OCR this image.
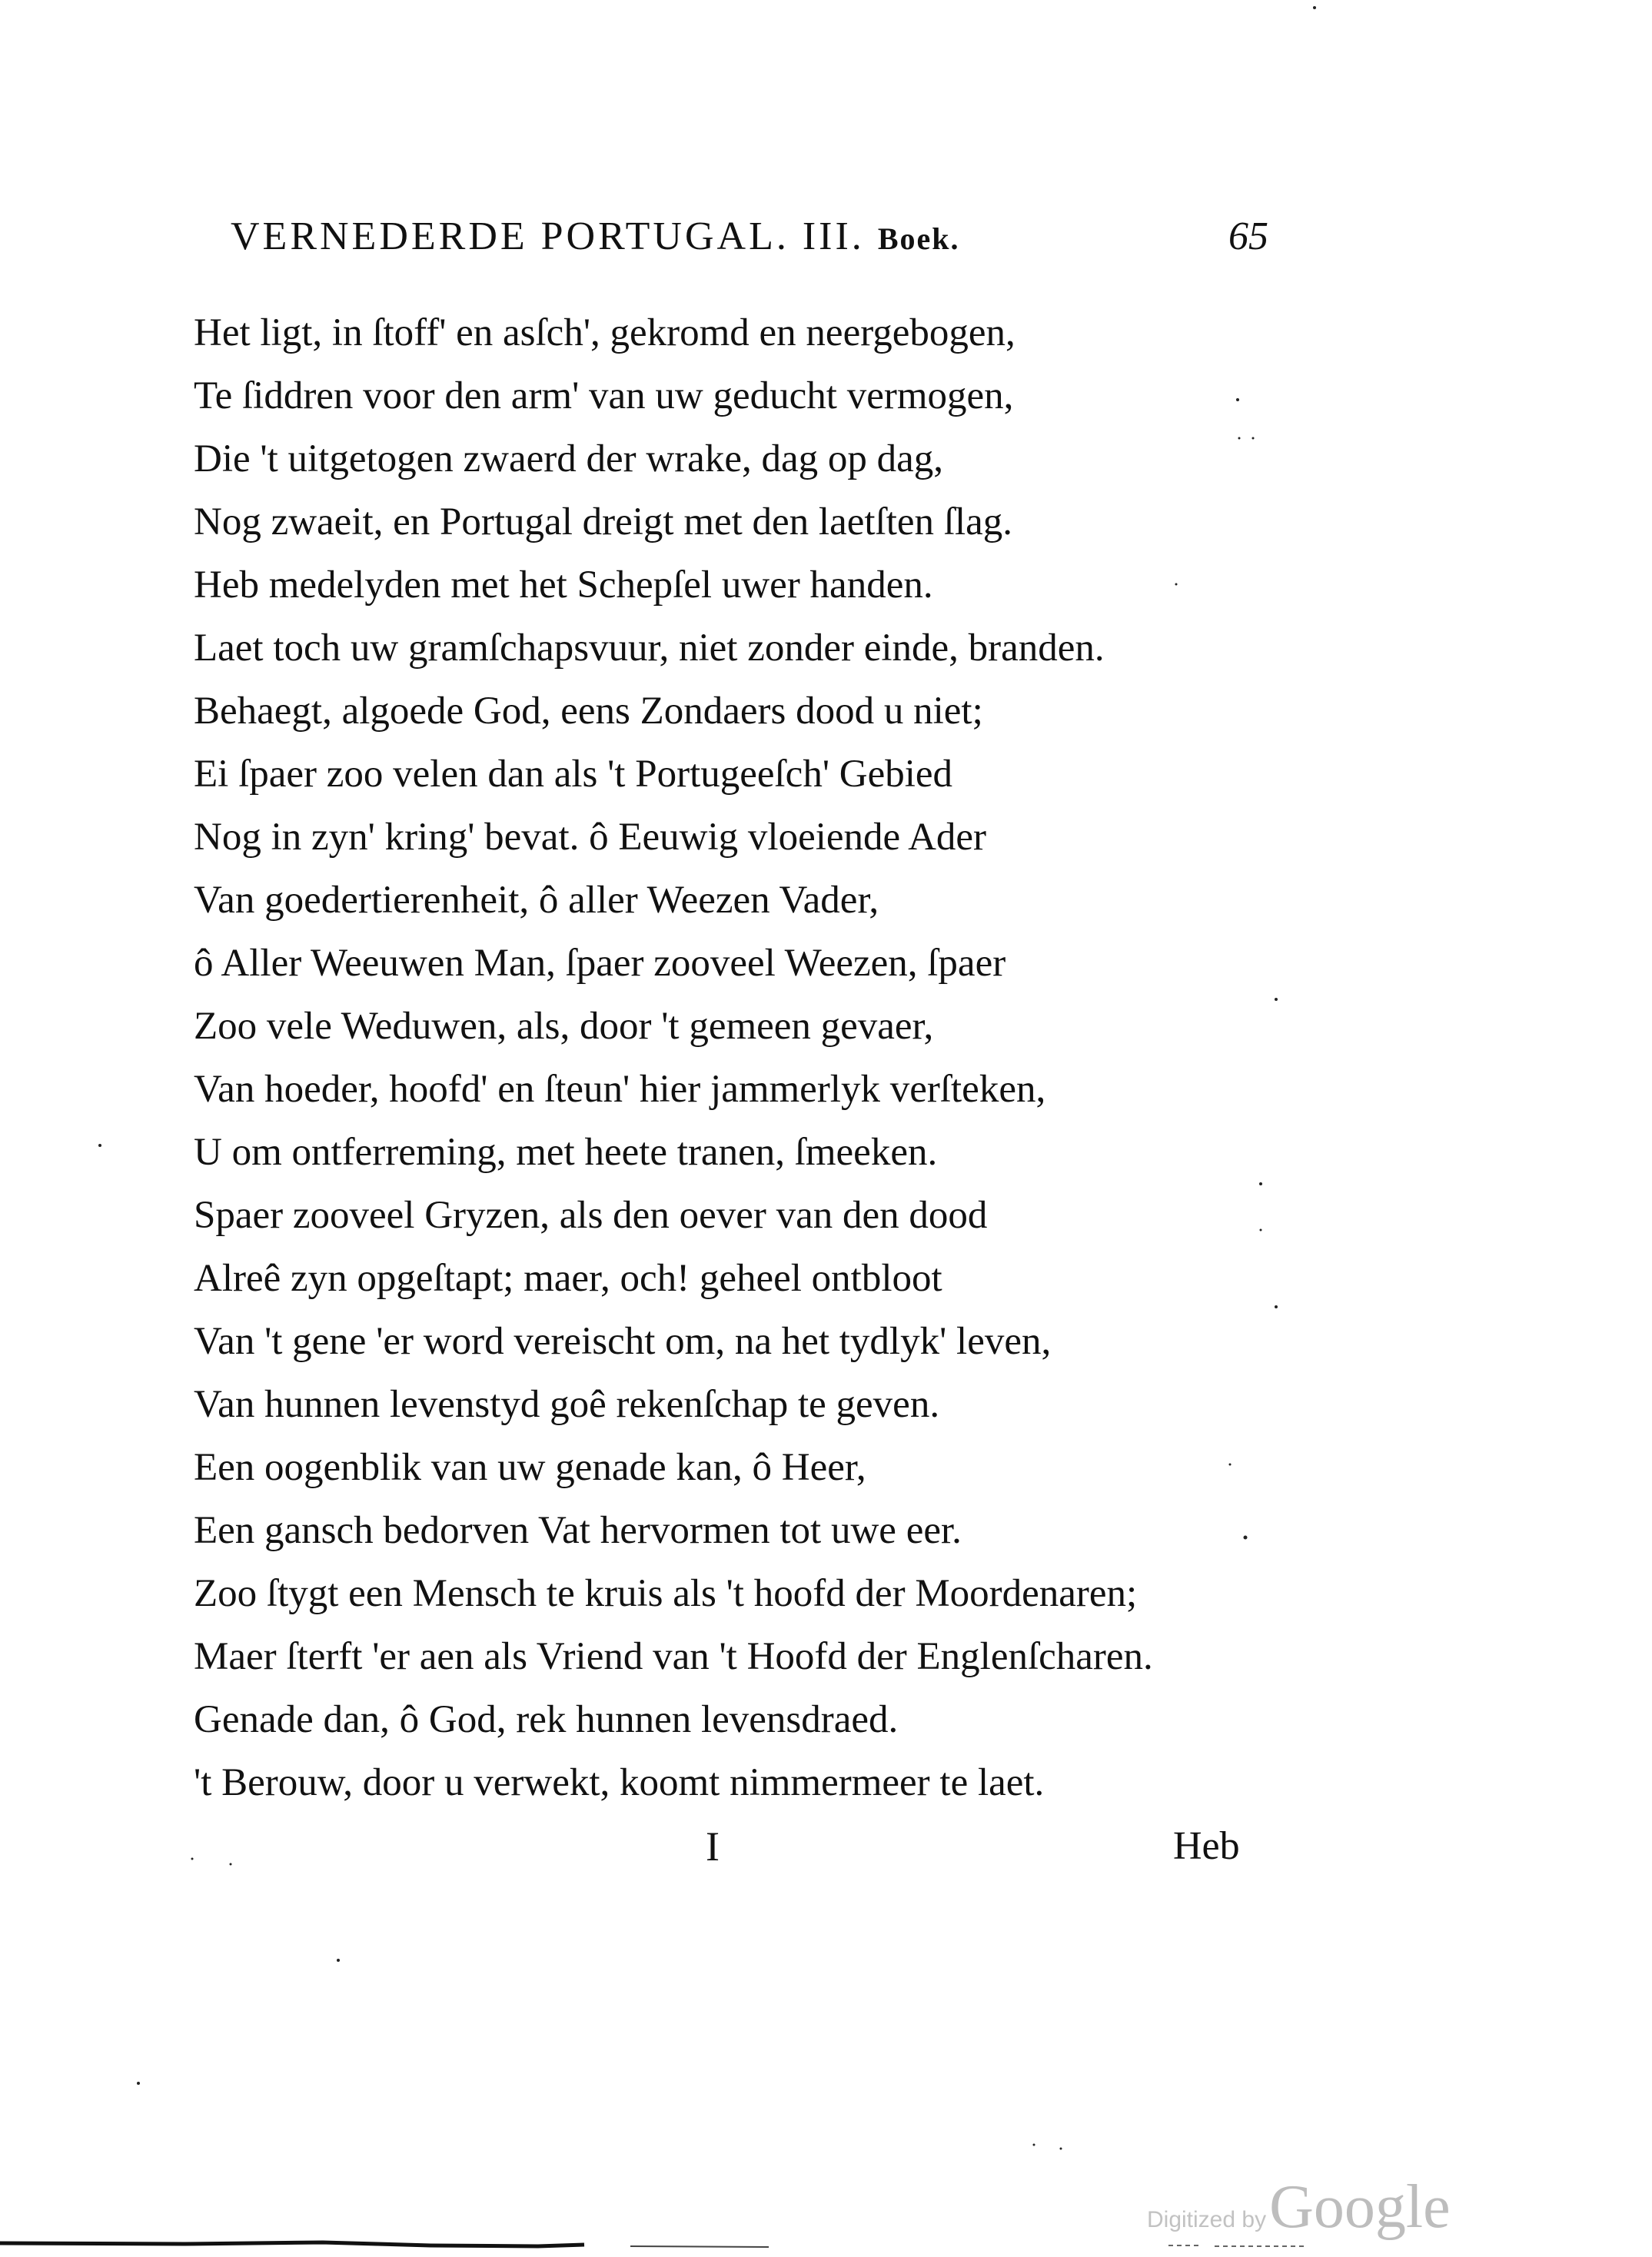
VERNEDERDE PORTUGAL. III. Boek.	65
Het ligt, in ſtoff' en asſch', gekromd en neergebogen,
Te ſiddren voor den arm' van uw geducht vermogen,
Die 't uitgetogen zwaerd der wrake, dag op dag,
Nog zwaeit, en Portugal dreigt met den laetſten ſlag.
Heb medelyden met het Schepſel uwer handen.
Laet toch uw gramſchapsvuur, niet zonder einde, branden.
Behaegt, algoede God, eens Zondaers dood u niet;
Ei ſpaer zoo velen dan als 't Portugeeſch' Gebied
Nog in zyn' kring' bevat. ô Eeuwig vloeiende Ader
Van goedertierenheit, ô aller Weezen Vader,
ô Aller Weeuwen Man, ſpaer zooveel Weezen, ſpaer
Zoo vele Weduwen, als, door 't gemeen gevaer,
Van hoeder, hoofd' en ſteun' hier jammerlyk verſteken,
U om ontferreming, met heete tranen, ſmeeken.
Spaer zooveel Gryzen, als den oever van den dood
Alreê zyn opgeſtapt; maer, och! geheel ontbloot
Van 't gene 'er word vereischt om, na het tydlyk' leven,
Van hunnen levenstyd goê rekenſchap te geven.
Een oogenblik van uw genade kan, ô Heer,
Een gansch bedorven Vat hervormen tot uwe eer.
Zoo ſtygt een Mensch te kruis als 't hoofd der Moordenaren;
Maer ſterft 'er aen als Vriend van 't Hoofd der Englenſcharen.
Genade dan, ô God, rek hunnen levensdraed.
't Berouw, door u verwekt, koomt nimmermeer te laet.
I	Heb
Digitized by Google
